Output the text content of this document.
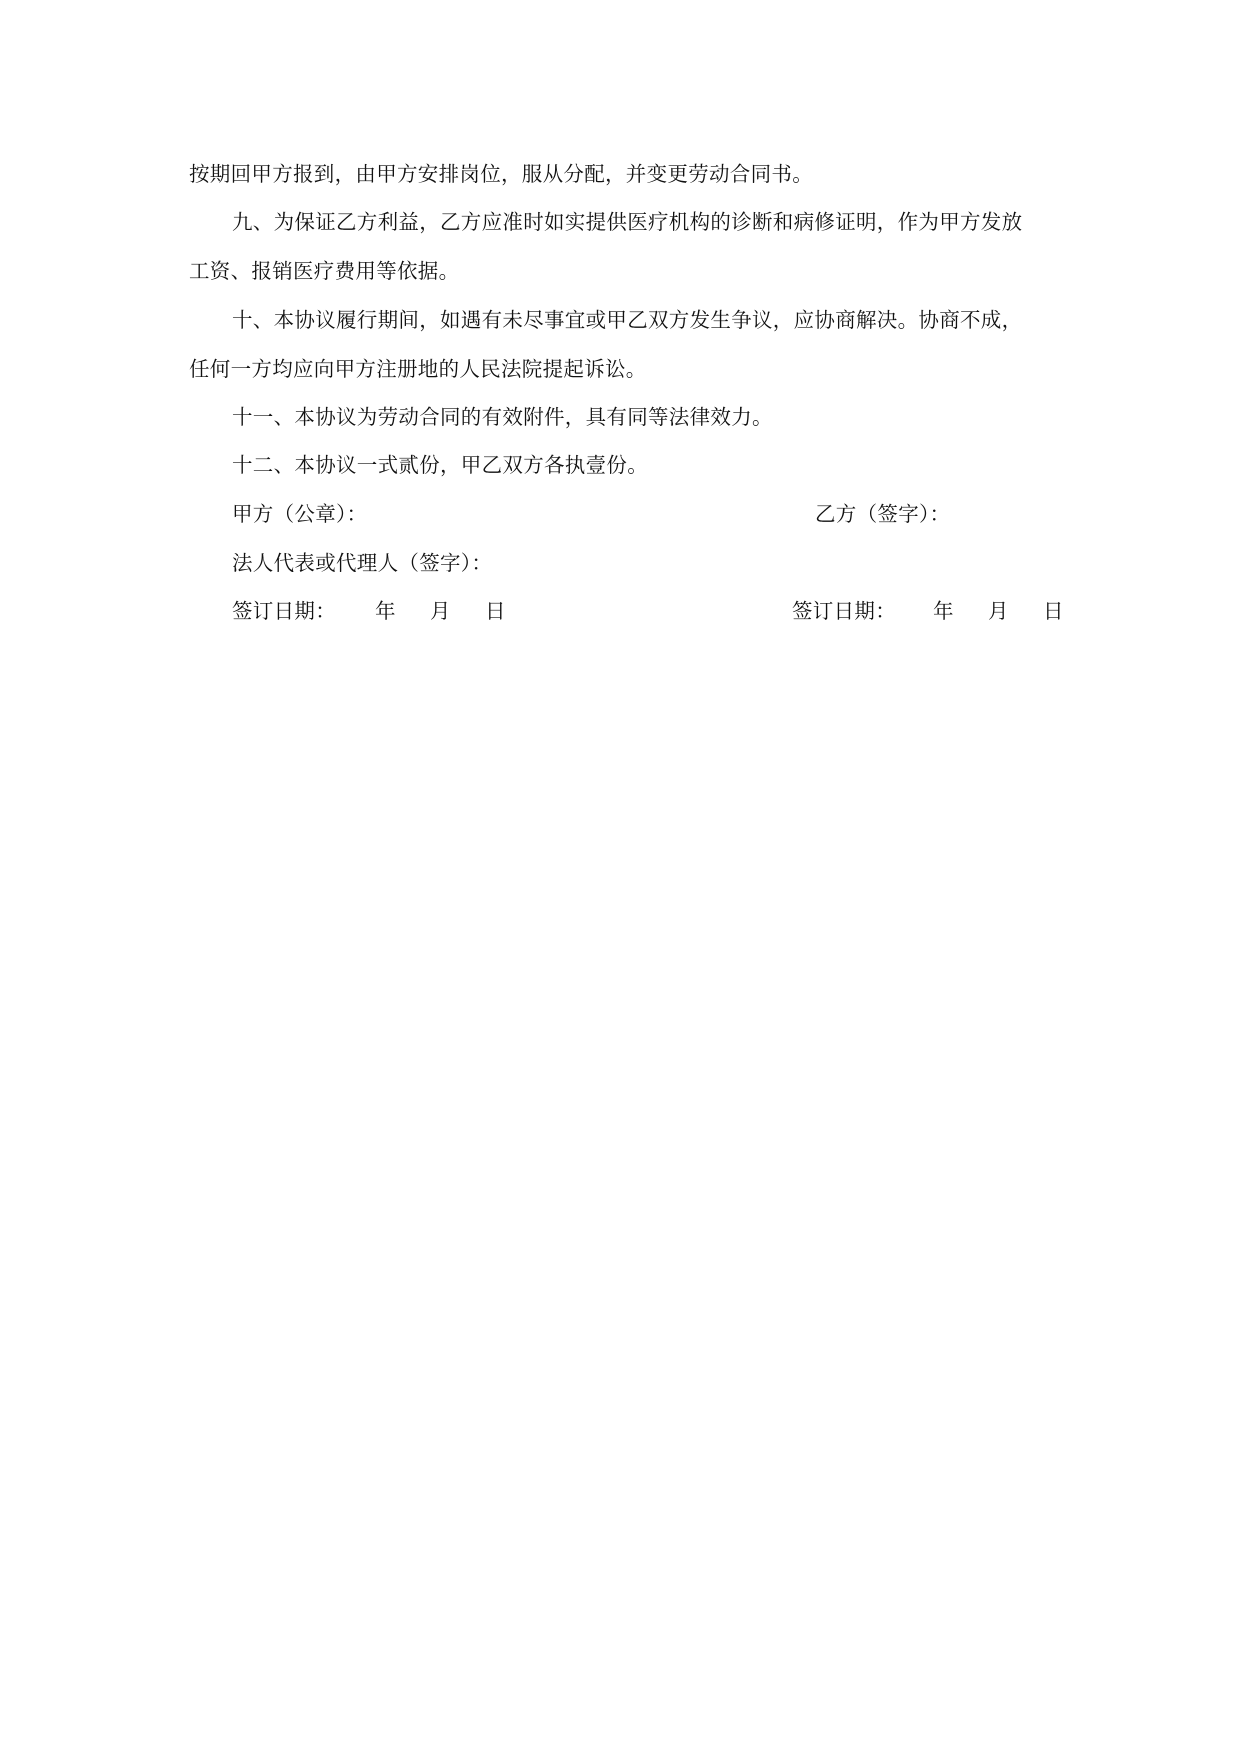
按期回甲方报到，由甲方安排岗位，服从分配，并变更劳动合同书。
九、为保证乙方利益，乙方应准时如实提供医疗机构的诊断和病修证明，作为甲方发放
工资、报销医疗费用等依据。
十、本协议履行期间，如遇有未尽事宜或甲乙双方发生争议，应协商解决。协商不成，
任何一方均应向甲方注册地的人民法院提起诉讼。
十一、本协议为劳动合同的有效附件，具有同等法律效力。
十二、本协议一式贰份，甲乙双方各执壹份。
甲方（公章）：	乙方（签字）：
法人代表或代理人（签字）：
签订日期： 年 月 日	签订日期： 年 月 日
